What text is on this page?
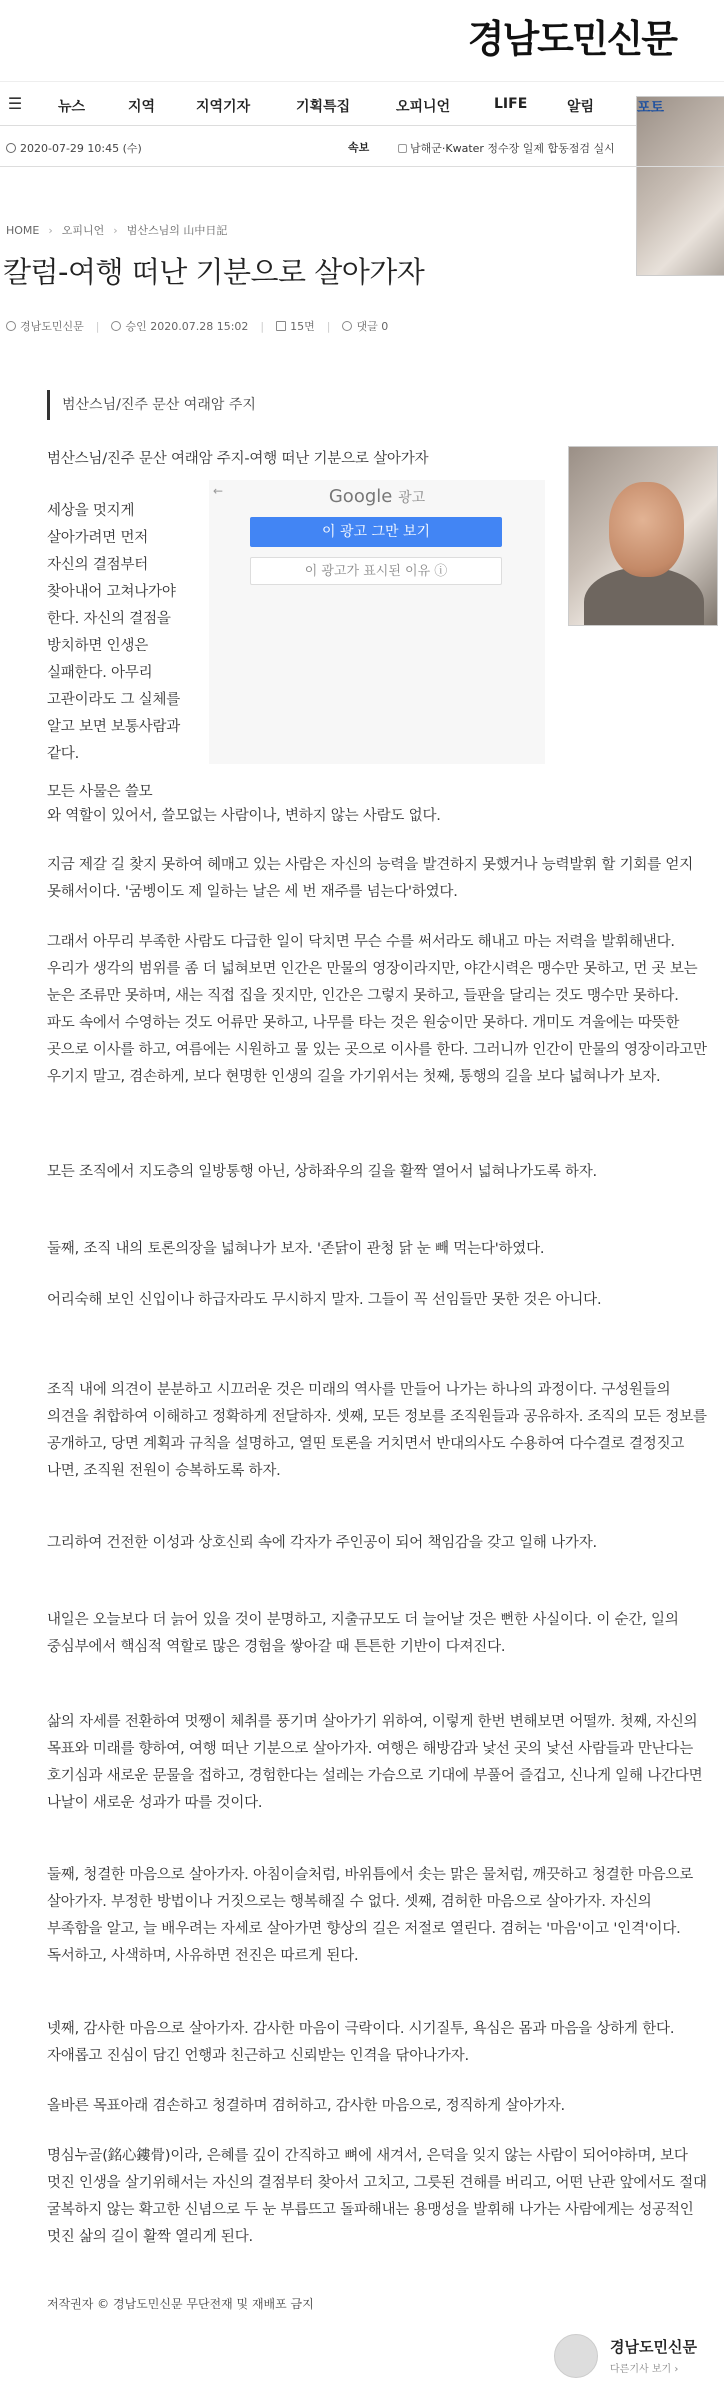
경남도민신문
☰	뉴스	지역	지역기자	기획특집	오피니언	LIFE	알림	포토
2020-07-29 10:45 (수)	속보	남해군·Kwater 정수장 일제 합동점검 실시
HOME › 오피니언 › 범산스님의 山中日記
칼럼-여행 떠난 기분으로 살아가자
경남도민신문 | 승인 2020.07.28 15:02 | 15면 | 댓글 0
범산스님/진주 문산 여래암 주지

범산스님/진주 문산 여래암 주지-여행 떠난 기분으로 살아가자

←	Google 광고
이 광고 그만 보기
이 광고가 표시된 이유 ⓘ

세상을 멋지게 살아가려면 먼저 자신의 결점부터 찾아내어 고쳐나가야 한다. 자신의 결점을 방치하면 인생은 실패한다. 아무리 고관이라도 그 실체를 알고 보면 보통사람과 같다.

모든 사물은 쓸모

와 역할이 있어서, 쓸모없는 사람이나, 변하지 않는 사람도 없다.

지금 제갈 길 찾지 못하여 헤매고 있는 사람은 자신의 능력을 발견하지 못했거나 능력발휘 할 기회를 얻지 못해서이다. '굼벵이도 제 일하는 날은 세 번 재주를 넘는다'하였다.

그래서 아무리 부족한 사람도 다급한 일이 닥치면 무슨 수를 써서라도 해내고 마는 저력을 발휘해낸다. 우리가 생각의 범위를 좀 더 넓혀보면 인간은 만물의 영장이라지만, 야간시력은 맹수만 못하고, 먼 곳 보는 눈은 조류만 못하며, 새는 직접 집을 짓지만, 인간은 그렇지 못하고, 들판을 달리는 것도 맹수만 못하다. 파도 속에서 수영하는 것도 어류만 못하고, 나무를 타는 것은 원숭이만 못하다. 개미도 겨울에는 따뜻한 곳으로 이사를 하고, 여름에는 시원하고 물 있는 곳으로 이사를 한다. 그러니까 인간이 만물의 영장이라고만 우기지 말고, 겸손하게, 보다 현명한 인생의 길을 가기위서는 첫째, 통행의 길을 보다 넓혀나가 보자.

모든 조직에서 지도층의 일방통행 아닌, 상하좌우의 길을 활짝 열어서 넓혀나가도록 하자.

둘째, 조직 내의 토론의장을 넓혀나가 보자. '존닭이 관청 닭 눈 빼 먹는다'하였다.

어리숙해 보인 신입이나 하급자라도 무시하지 말자. 그들이 꼭 선임들만 못한 것은 아니다.

조직 내에 의견이 분분하고 시끄러운 것은 미래의 역사를 만들어 나가는 하나의 과정이다. 구성원들의 의견을 취합하여 이해하고 정확하게 전달하자. 셋째, 모든 정보를 조직원들과 공유하자. 조직의 모든 정보를 공개하고, 당면 계획과 규칙을 설명하고, 열띤 토론을 거치면서 반대의사도 수용하여 다수결로 결정짓고 나면, 조직원 전원이 승복하도록 하자.

그리하여 건전한 이성과 상호신뢰 속에 각자가 주인공이 되어 책임감을 갖고 일해 나가자.

내일은 오늘보다 더 늙어 있을 것이 분명하고, 지출규모도 더 늘어날 것은 뻔한 사실이다. 이 순간, 일의 중심부에서 핵심적 역할로 많은 경험을 쌓아갈 때 튼튼한 기반이 다져진다.

삶의 자세를 전환하여 멋쨍이 체취를 풍기며 살아가기 위하여, 이렇게 한번 변해보면 어떨까. 첫째, 자신의 목표와 미래를 향하여, 여행 떠난 기분으로 살아가자. 여행은 해방감과 낯선 곳의 낯선 사람들과 만난다는 호기심과 새로운 문물을 접하고, 경험한다는 설레는 가슴으로 기대에 부풀어 즐겁고, 신나게 일해 나간다면 나날이 새로운 성과가 따를 것이다.

둘째, 청결한 마음으로 살아가자. 아침이슬처럼, 바위틈에서 솟는 맑은 물처럼, 깨끗하고 청결한 마음으로 살아가자. 부정한 방법이나 거짓으로는 행복해질 수 없다. 셋째, 겸허한 마음으로 살아가자. 자신의 부족함을 알고, 늘 배우려는 자세로 살아가면 향상의 길은 저절로 열린다. 겸허는 '마음'이고 '인격'이다. 독서하고, 사색하며, 사유하면 전진은 따르게 된다.

넷째, 감사한 마음으로 살아가자. 감사한 마음이 극락이다. 시기질투, 욕심은 몸과 마음을 상하게 한다. 자애롭고 진심이 담긴 언행과 친근하고 신뢰받는 인격을 닦아나가자.

올바른 목표아래 겸손하고 청결하며 겸허하고, 감사한 마음으로, 정직하게 살아가자.

명심누골(銘心鏤骨)이라, 은혜를 깊이 간직하고 뼈에 새겨서, 은덕을 잊지 않는 사람이 되어야하며, 보다 멋진 인생을 살기위해서는 자신의 결점부터 찾아서 고치고, 그릇된 견해를 버리고, 어떤 난관 앞에서도 절대 굴복하지 않는 확고한 신념으로 두 눈 부릅뜨고 돌파해내는 용맹성을 발휘해 나가는 사람에게는 성공적인 멋진 삶의 길이 활짝 열리게 된다.

저작권자 © 경남도민신문 무단전재 및 재배포 금지
경남도민신문
다른기사 보기 ›
